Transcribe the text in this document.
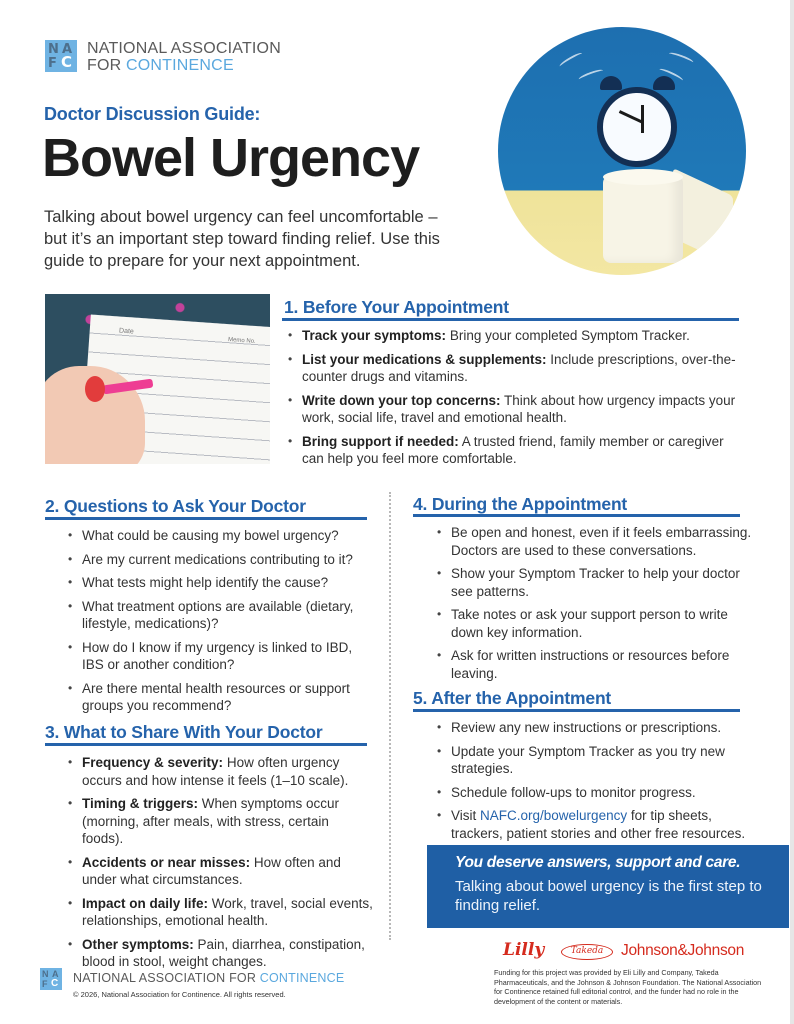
N A
F C
NATIONAL ASSOCIATION
FOR CONTINENCE
Doctor Discussion Guide:
Bowel Urgency
Talking about bowel urgency can feel uncomfortable – but it’s an important step toward finding relief. Use this guide to prepare for your next appointment.
Date
Memo No.
1. Before Your Appointment
• Track your symptoms: Bring your completed Symptom Tracker.
• List your medications & supplements: Include prescriptions, over-the-counter drugs and vitamins.
• Write down your top concerns: Think about how urgency impacts your work, social life, travel and emotional health.
• Bring support if needed: A trusted friend, family member or caregiver can help you feel more comfortable.
2. Questions to Ask Your Doctor
• What could be causing my bowel urgency?
• Are my current medications contributing to it?
• What tests might help identify the cause?
• What treatment options are available (dietary, lifestyle, medications)?
• How do I know if my urgency is linked to IBD, IBS or another condition?
• Are there mental health resources or support groups you recommend?
3. What to Share With Your Doctor
• Frequency & severity: How often urgency occurs and how intense it feels (1–10 scale).
• Timing & triggers: When symptoms occur (morning, after meals, with stress, certain foods).
• Accidents or near misses: How often and under what circumstances.
• Impact on daily life: Work, travel, social events, relationships, emotional health.
• Other symptoms: Pain, diarrhea, constipation, blood in stool, weight changes.
4. During the Appointment
• Be open and honest, even if it feels embarrassing. Doctors are used to these conversations.
• Show your Symptom Tracker to help your doctor see patterns.
• Take notes or ask your support person to write down key information.
• Ask for written instructions or resources before leaving.
5. After the Appointment
• Review any new instructions or prescriptions.
• Update your Symptom Tracker as you try new strategies.
• Schedule follow-ups to monitor progress.
• Visit NAFC.org/bowelurgency for tip sheets, trackers, patient stories and other free resources.
You deserve answers, support and care.
Talking about bowel urgency is the first step to finding relief.
Lilly	Takeda	Johnson&Johnson
Funding for this project was provided by Eli Lilly and Company, Takeda Pharmaceuticals, and the Johnson & Johnson Foundation. The National Association for Continence retained full editorial control, and the funder had no role in the development of the content or materials.
N A
F C NATIONAL ASSOCIATION FOR CONTINENCE
© 2026, National Association for Continence. All rights reserved.
